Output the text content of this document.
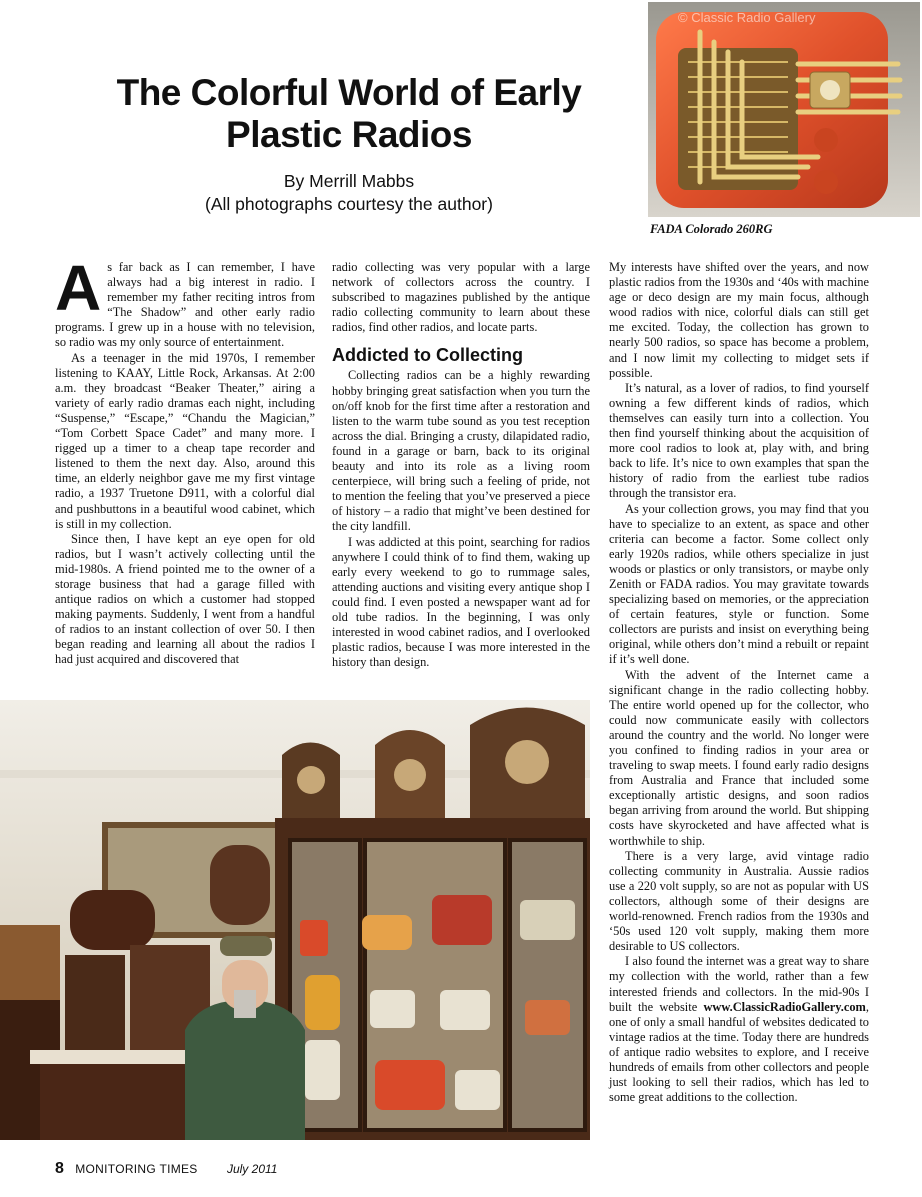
The Colorful World of Early
Plastic Radios
By Merrill Mabbs
(All photographs courtesy the author)
© Classic Radio Gallery
FADA Colorado 260RG

As far back as I can remember, I have always had a big interest in radio. I remember my father reciting intros from “The Shadow” and other early radio programs. I grew up in a house with no television, so radio was my only source of entertainment.

As a teenager in the mid 1970s, I remember listening to KAAY, Little Rock, Arkansas. At 2:00 a.m. they broadcast “Beaker Theater,” airing a variety of early radio dramas each night, including “Suspense,” “Escape,” “Chandu the Magician,” “Tom Corbett Space Cadet” and many more. I rigged up a timer to a cheap tape recorder and listened to them the next day. Also, around this time, an elderly neighbor gave me my first vintage radio, a 1937 Truetone D911, with a colorful dial and pushbuttons in a beautiful wood cabinet, which is still in my collection.

Since then, I have kept an eye open for old radios, but I wasn’t actively collecting until the mid-1980s. A friend pointed me to the owner of a storage business that had a garage filled with antique radios on which a customer had stopped making payments. Suddenly, I went from a handful of radios to an instant collection of over 50. I then began reading and learning all about the radios I had just acquired and discovered that

radio collecting was very popular with a large network of collectors across the country. I subscribed to magazines published by the antique radio collecting community to learn about these radios, find other radios, and locate parts.

Addicted to Collecting

Collecting radios can be a highly rewarding hobby bringing great satisfaction when you turn the on/off knob for the first time after a restoration and listen to the warm tube sound as you test reception across the dial. Bringing a crusty, dilapidated radio, found in a garage or barn, back to its original beauty and into its role as a living room centerpiece, will bring such a feeling of pride, not to mention the feeling that you’ve preserved a piece of history – a radio that might’ve been destined for the city landfill.

I was addicted at this point, searching for radios anywhere I could think of to find them, waking up early every weekend to go to rummage sales, attending auctions and visiting every antique shop I could find. I even posted a newspaper want ad for old tube radios. In the beginning, I was only interested in wood cabinet radios, and I overlooked plastic radios, because I was more interested in the history than design.

My interests have shifted over the years, and now plastic radios from the 1930s and ‘40s with machine age or deco design are my main focus, although wood radios with nice, colorful dials can still get me excited. Today, the collection has grown to nearly 500 radios, so space has become a problem, and I now limit my collecting to midget sets if possible.

It’s natural, as a lover of radios, to find yourself owning a few different kinds of radios, which themselves can easily turn into a collection. You then find yourself thinking about the acquisition of more cool radios to look at, play with, and bring back to life. It’s nice to own examples that span the history of radio from the earliest tube radios through the transistor era.

As your collection grows, you may find that you have to specialize to an extent, as space and other criteria can become a factor. Some collect only early 1920s radios, while others specialize in just woods or plastics or only transistors, or maybe only Zenith or FADA radios. You may gravitate towards specializing based on memories, or the appreciation of certain features, style or function. Some collectors are purists and insist on everything being original, while others don’t mind a rebuilt or repaint if it’s well done.

With the advent of the Internet came a significant change in the radio collecting hobby. The entire world opened up for the collector, who could now communicate easily with collectors around the country and the world. No longer were you confined to finding radios in your area or traveling to swap meets. I found early radio designs from Australia and France that included some exceptionally artistic designs, and soon radios began arriving from around the world. But shipping costs have skyrocketed and have affected what is worthwhile to ship.

There is a very large, avid vintage radio collecting community in Australia. Aussie radios use a 220 volt supply, so are not as popular with US collectors, although some of their designs are world-renowned. French radios from the 1930s and ‘50s used 120 volt supply, making them more desirable to US collectors.

I also found the internet was a great way to share my collection with the world, rather than a few interested friends and collectors. In the mid-90s I built the website www.ClassicRadioGallery.com, one of only a small handful of websites dedicated to vintage radios at the time. Today there are hundreds of antique radio websites to explore, and I receive hundreds of emails from other collectors and people just looking to sell their radios, which has led to some great additions to the collection.

8 MONITORING TIMES July 2011
